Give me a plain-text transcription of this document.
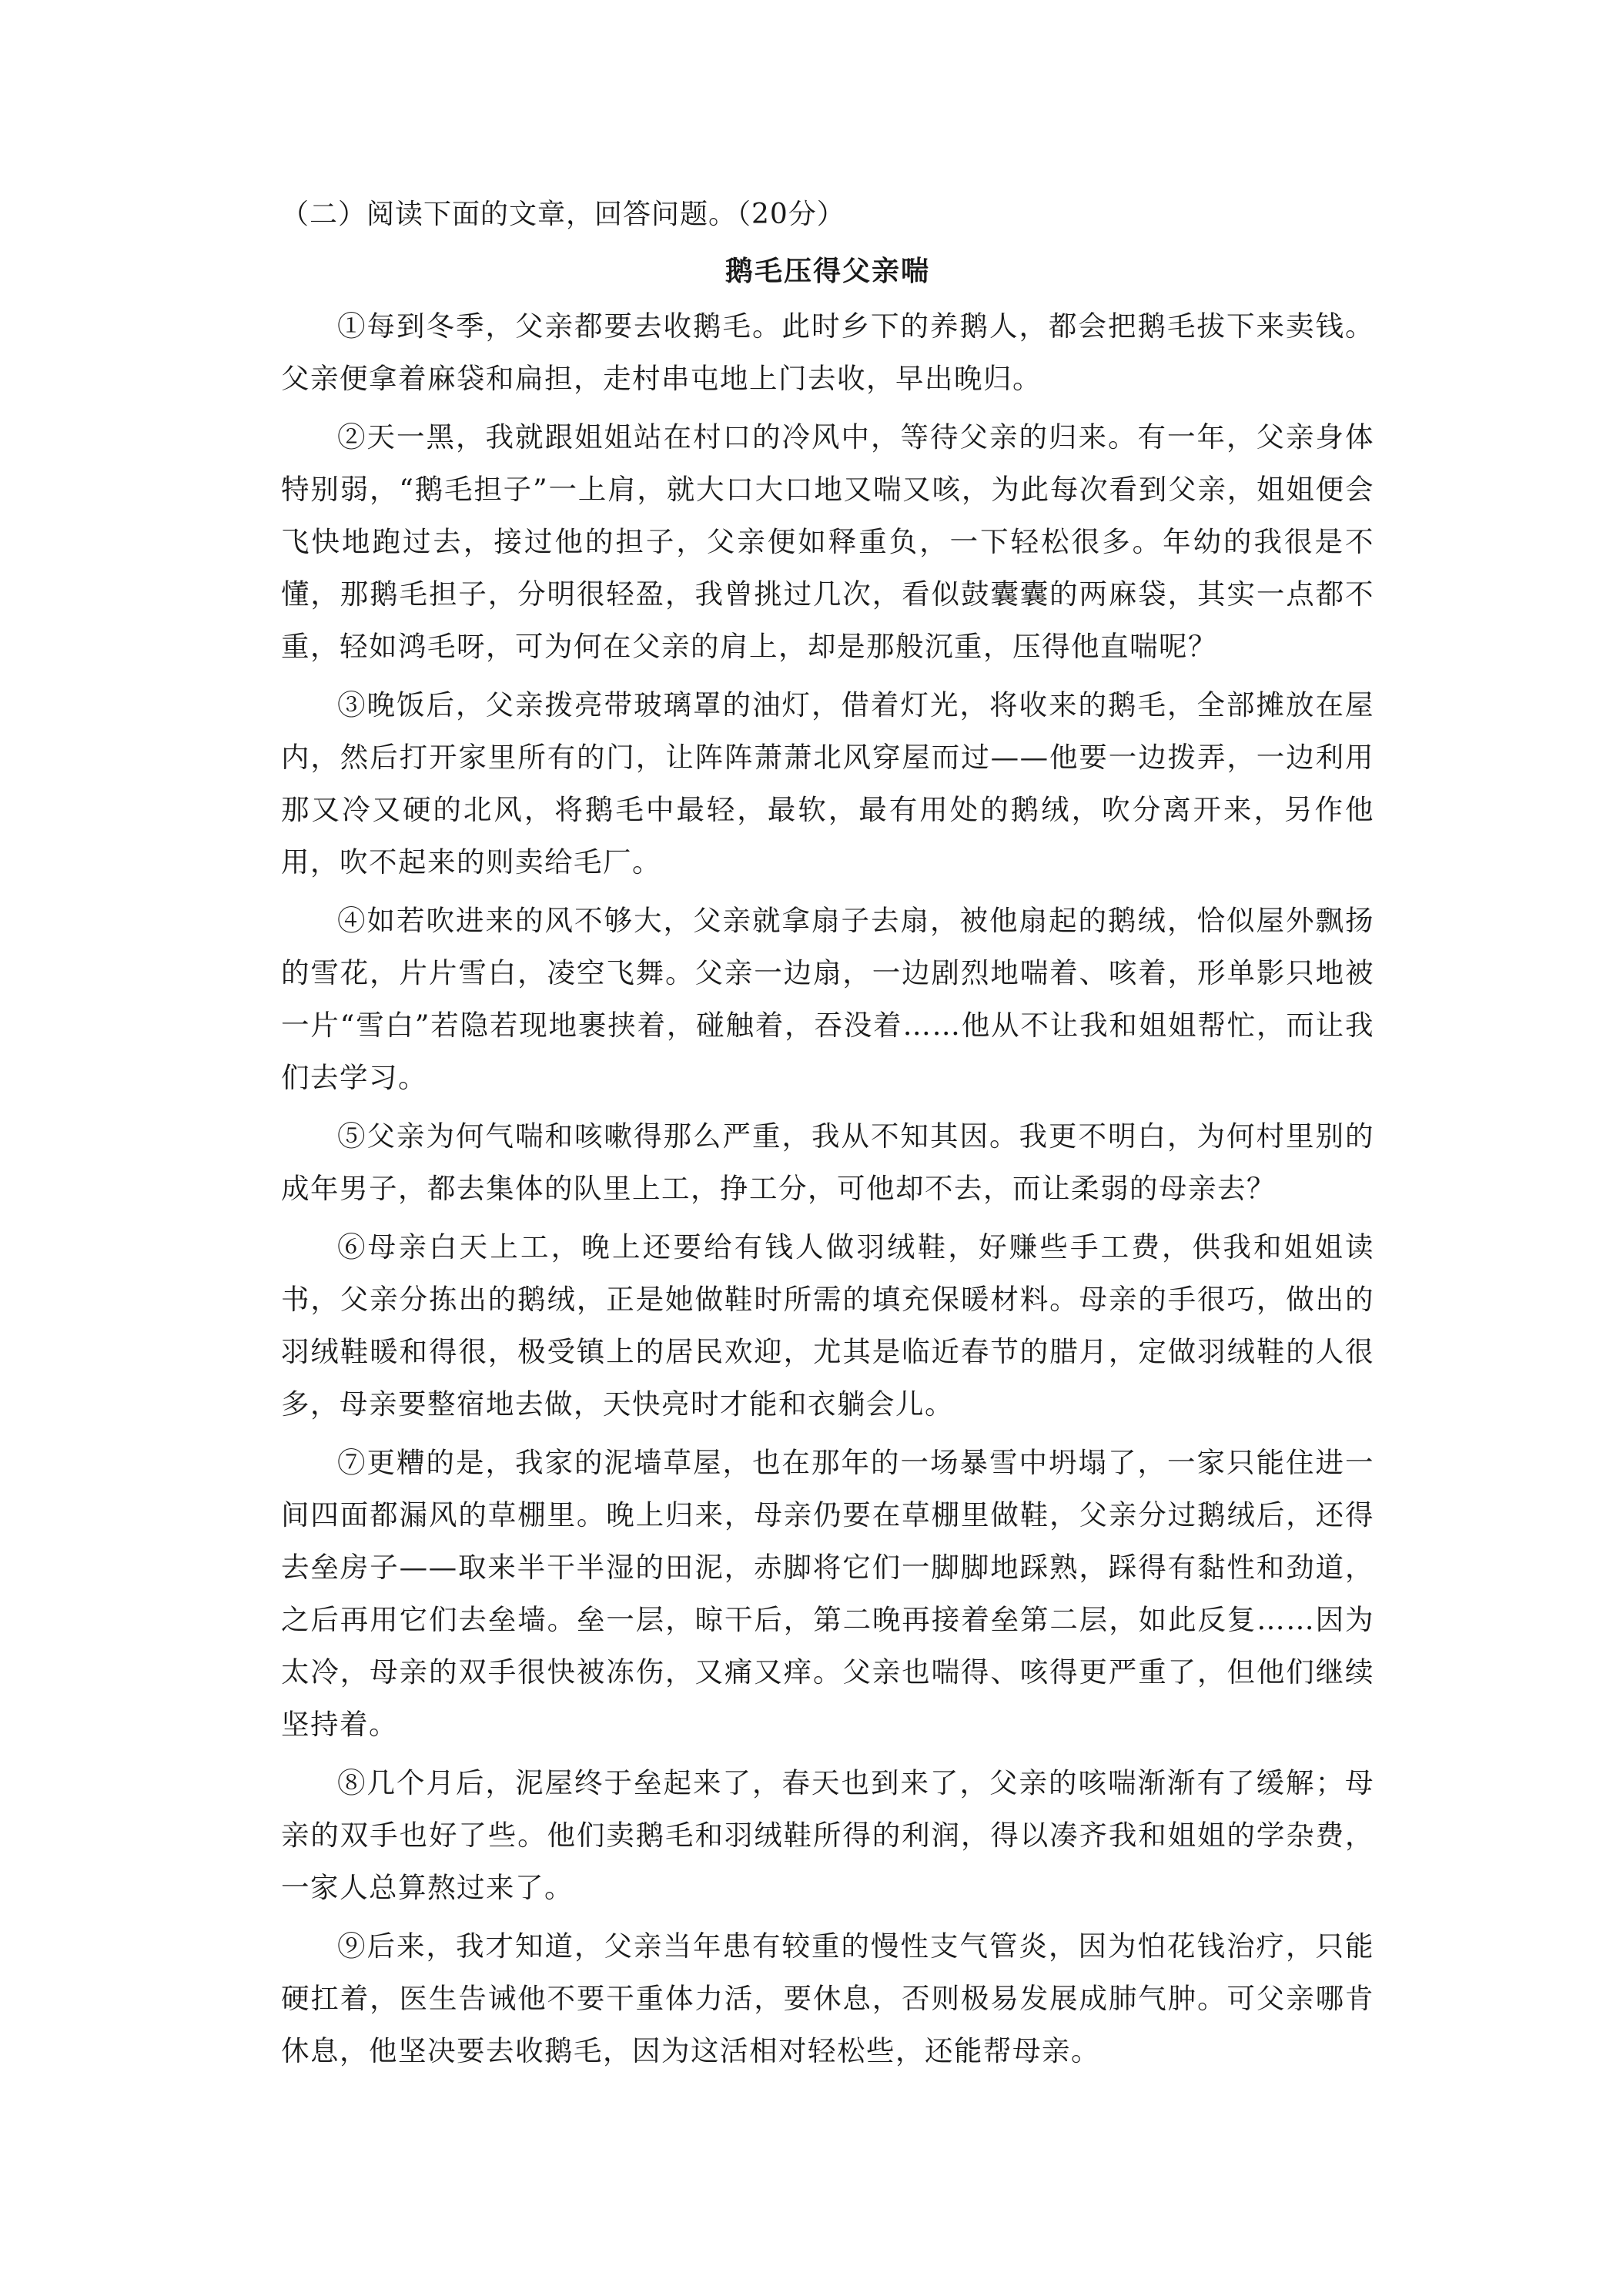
（二）阅读下面的文章，回答问题。（20分）

鹅毛压得父亲喘

①每到冬季，父亲都要去收鹅毛。此时乡下的养鹅人，都会把鹅毛拔下来卖钱。父亲便拿着麻袋和扁担，走村串屯地上门去收，早出晚归。

②天一黑，我就跟姐姐站在村口的冷风中，等待父亲的归来。有一年，父亲身体特别弱，“鹅毛担子”一上肩，就大口大口地又喘又咳，为此每次看到父亲，姐姐便会飞快地跑过去，接过他的担子，父亲便如释重负，一下轻松很多。年幼的我很是不懂，那鹅毛担子，分明很轻盈，我曾挑过几次，看似鼓囊囊的两麻袋，其实一点都不重，轻如鸿毛呀，可为何在父亲的肩上，却是那般沉重，压得他直喘呢？

③晚饭后，父亲拨亮带玻璃罩的油灯，借着灯光，将收来的鹅毛，全部摊放在屋内，然后打开家里所有的门，让阵阵萧萧北风穿屋而过——他要一边拨弄，一边利用那又冷又硬的北风，将鹅毛中最轻，最软，最有用处的鹅绒，吹分离开来，另作他用，吹不起来的则卖给毛厂。

④如若吹进来的风不够大，父亲就拿扇子去扇，被他扇起的鹅绒，恰似屋外飘扬的雪花，片片雪白，凌空飞舞。父亲一边扇，一边剧烈地喘着、咳着，形单影只地被一片“雪白”若隐若现地裹挟着，碰触着，吞没着……他从不让我和姐姐帮忙，而让我们去学习。

⑤父亲为何气喘和咳嗽得那么严重，我从不知其因。我更不明白，为何村里别的成年男子，都去集体的队里上工，挣工分，可他却不去，而让柔弱的母亲去？

⑥母亲白天上工，晚上还要给有钱人做羽绒鞋，好赚些手工费，供我和姐姐读书，父亲分拣出的鹅绒，正是她做鞋时所需的填充保暖材料。母亲的手很巧，做出的羽绒鞋暖和得很，极受镇上的居民欢迎，尤其是临近春节的腊月，定做羽绒鞋的人很多，母亲要整宿地去做，天快亮时才能和衣躺会儿。

⑦更糟的是，我家的泥墙草屋，也在那年的一场暴雪中坍塌了，一家只能住进一间四面都漏风的草棚里。晚上归来，母亲仍要在草棚里做鞋，父亲分过鹅绒后，还得去垒房子——取来半干半湿的田泥，赤脚将它们一脚脚地踩熟，踩得有黏性和劲道，之后再用它们去垒墙。垒一层，晾干后，第二晚再接着垒第二层，如此反复……因为太冷，母亲的双手很快被冻伤，又痛又痒。父亲也喘得、咳得更严重了，但他们继续坚持着。

⑧几个月后，泥屋终于垒起来了，春天也到来了，父亲的咳喘渐渐有了缓解；母亲的双手也好了些。他们卖鹅毛和羽绒鞋所得的利润，得以凑齐我和姐姐的学杂费，一家人总算熬过来了。

⑨后来，我才知道，父亲当年患有较重的慢性支气管炎，因为怕花钱治疗，只能硬扛着，医生告诫他不要干重体力活，要休息，否则极易发展成肺气肿。可父亲哪肯休息，他坚决要去收鹅毛，因为这活相对轻松些，还能帮母亲。
